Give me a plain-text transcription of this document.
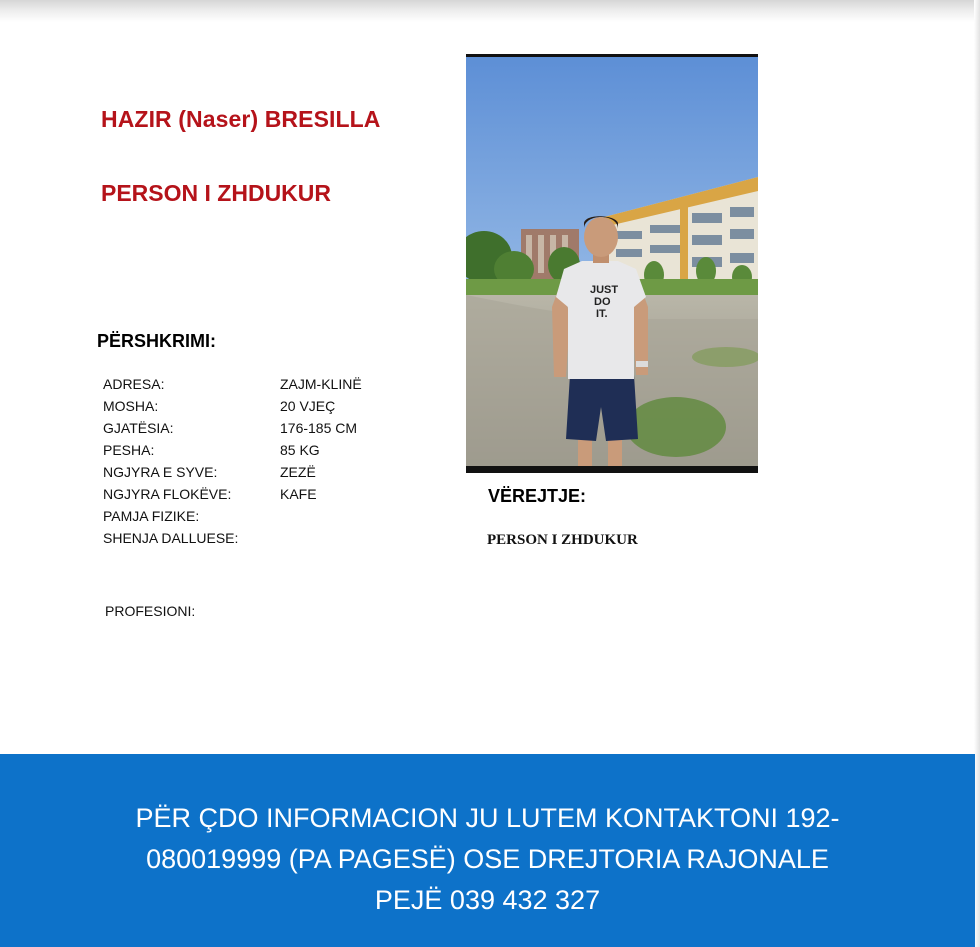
HAZIR (Naser) BRESILLA
PERSON I ZHDUKUR
PËRSHKRIMI:
ADRESA:	ZAJM-KLINË
MOSHA:	20 VJEÇ
GJATËSIA:	176-185 CM
PESHA:	85 KG
NGJYRA E SYVE:	ZEZË
NGJYRA FLOKËVE:	KAFE
PAMJA FIZIKE:
SHENJA DALLUESE:
PROFESIONI:
JUST
DO
IT.
VËREJTJE:
PERSON I ZHDUKUR
PËR ÇDO INFORMACION JU LUTEM KONTAKTONI 192-
080019999 (PA PAGESË) OSE DREJTORIA RAJONALE
PEJË 039 432 327
